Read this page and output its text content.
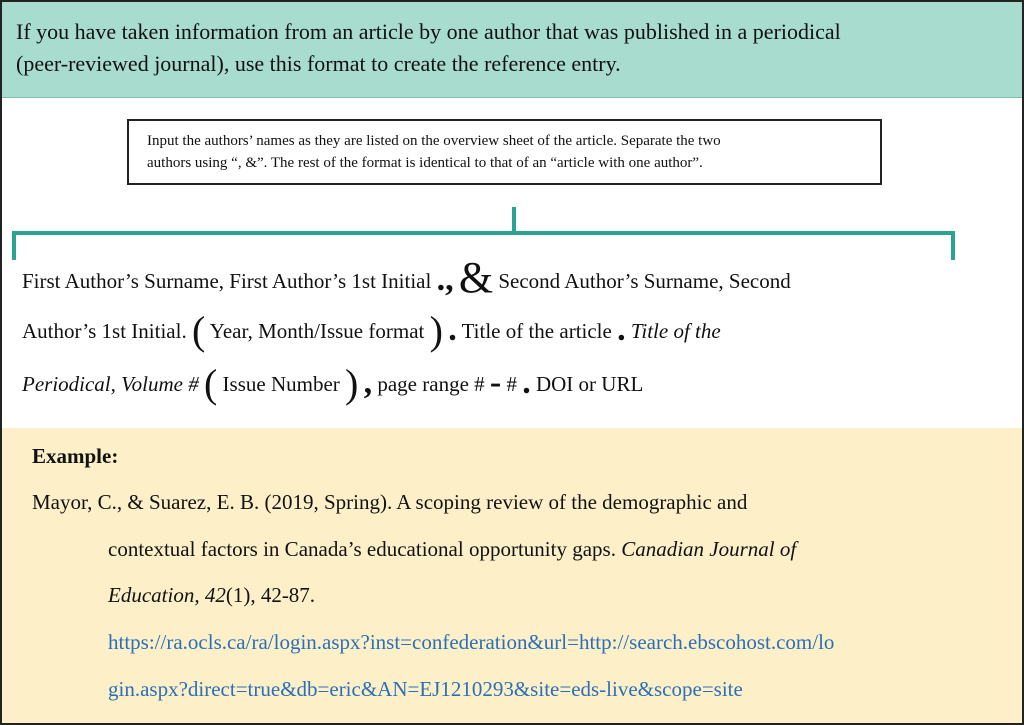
If you have taken information from an article by one author that was published in a periodical
(peer-reviewed journal), use this format to create the reference entry.
Input the authors’ names as they are listed on the overview sheet of the article. Separate the two
authors using “, &”. The rest of the format is identical to that of an “article with one author”.
First Author’s Surname, First Author’s 1st Initial ., & Second Author’s Surname, Second
Author’s 1st Initial. ( Year, Month/Issue format ) . Title of the article . Title of the
Periodical, Volume # ( Issue Number ) , page range # - # . DOI or URL
Example:
Mayor, C., & Suarez, E. B. (2019, Spring). A scoping review of the demographic and
contextual factors in Canada’s educational opportunity gaps. Canadian Journal of
Education, 42(1), 42-87.
https://ra.ocls.ca/ra/login.aspx?inst=confederation&url=http://search.ebscohost.com/lo
gin.aspx?direct=true&db=eric&AN=EJ1210293&site=eds-live&scope=site
